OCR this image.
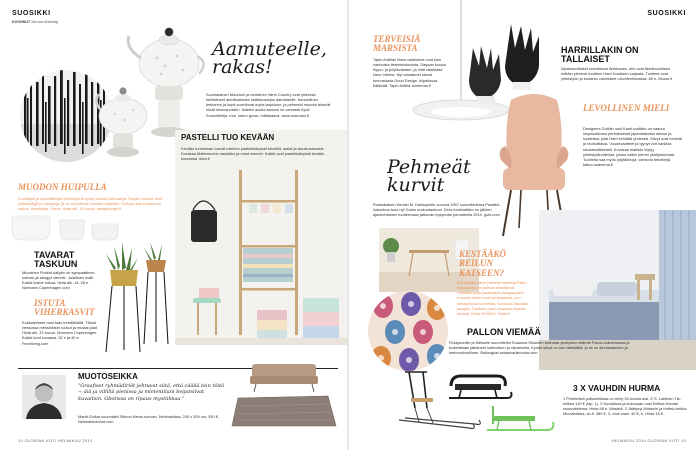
SUOSIKKI
KOONNUT Siri von Knorring
Aamuteelle, rakas!
Suomalainen Muurami ja virolainen Varm Country ovat yhdessä kehittäneet ainutlaatuisen laatikkosarjan aamiaiselle. Kannellinen teekannu ja kupit soveltuvat myös tarjoiluun, ja pehmeät muodot tekevät niistä kestosuosikin. Näiden avulla aamusi on varmasti hyvä. Suunnittelija: mrs. karen gross, mittakaava. www.muurami.fi
PASTELLI TUO KEVÄÄN
Kevään tunnelman tuovat mieleen pastellisävyiset tekstiilit, astiat ja sisustustavarat. Kuvassa Mattermonin naulakko ja muut esineet. Kaikki ovat pastellisävyisiä kevään kunniaksi. ikea.fi
MUODON HUIPULLA
Kuvittajan ja suunnittelijan yhteistyönä syntyi kaunis kulhosarja. Sarjan muodot ovat pelkistettyjä ja hauskoja, ja ne soveltuvat moneen käyttöön. Kulhoja saa kolmea eri kokoa. Valmistaja: Serax, hinta alk. 15 euroa. designtorget.fi
TAVARAT TASKUUN
Muovinen Pocket-säilytin on sympaattinen sohvan ja sängyn vierelle. Jalallinen malli. Kaikki kolme kokoa, hinta alk. 14–28 e. Normann Copenhagen.com
ISTUTA VIHERKASVIT
Kukkatelineet ovat taas trendikkäitä. Tässä versiossa messinkiset ruukut ja mustat jalat. Hinta alk. 32 euroa. Normann Copenhagen. Kaikki koot kuvassa, 32 e ja 40 e. Fermliving.com
MUOTOSEIKKA
"Graafiset ryhmädiriöt johtuvat siitä, että cääliä tein töitä ÷ äiä ja villillä pienissa ja mielentilani beijatsiivat kuvaitsin. Gbotissa on ripaus mystiikkaa."
Martti Guikat suunnitteli Siirtoni Kanto-sohvan. Nelimarkkaa, 200 x 300 cm, 350 €. Nelimarkkaohut.com
14 GLORIAN KOTI HELMIKUU 2014
SUOSIKKI
TERVEISIÄ MARSISTA
Tapio Anttilan Mars-valaisimet ovat kuin vanhoista tieteiselokuvista. Sarjaan kuuluu riippu- ja pöytävalaisin, ja niitä valmistaa Nero Interior. Nyt valaisimet saivat tunnustusta Good Design -kilpailussa. kiiltävää. Tapio Anttila. kristenlar.fi
HARRILLAKIN ON TALLAISET
Alpakanvillaiset sormikkaat Wekkanes -elin ovat tämänvuotisen erittäin pienesti tuotteen Harri Koskisen sarjasta. Tuotteet ovat yhteistyön ja tuotanto valmisteet Liechtenlinnassa. 69 e. Mumu.fi
LEVOLLINEN MIELI
Designers Guildin uusi Kaori-mallisto on saanut inspiraationsa perinteisestä japanilaisesta aikoon ja tuotteista, joita Harri kehittää yhdessä. Sävyt ovat herkkiä ja rauhoittavia. Vuodevaatteet ja tyynyt voit hankkia sisustusliikkeistä. Kuvassa mallisto löytyy yhteistyötuotteista, joissa kaikki pienet yksityiskohdat. Tuotteita saa myös pöytäliinoja, vahtuvia tekstiilejä. tattoo-maisema.fi
Pehmeät kurvit
Ruotsalaisen Kerstin M. Holmqvistin vuonna 1957 suunnittelema Paratiisi-kokoelma tuoo nyt Gubin uustuotantoon. Eero-tuolimallisto on jälleen ajankohtainen tuotteenaan jatkuvan kysynnän perusteella 2014. gubi.com
KESTÄÄKÖ REILUN KATSEEN?
Kuvituksen sävyt painetut kankaat Pallo-kokoelman voi painaa tekstiileinä. Väriltään jopa kahdeksan kangaspaino. Kuosien nimet ovat kertomuksia, kun seiskytluvun tunnelma. Kuvassa Kapusta-kangas. Tuotteet ovat Lempinen Kranko nimisiä. Hinta 30 €/m2. Tabbi.fi
PALLON VIEMÄÄ
Finlaysonille ja Metsolle suunnitellut Susanna Siiroinen tallentaa yksityisen eläimiä Fokus-kokoelmasta ja tuotteistaan jatkaneet kotimaisen ja vilpaimella. Kynän sävyt on tosi värikkäitä, ja se on ainutlaatuinen ja kertomuksellinen. Ballongkat sadankaultmusta.com
3 X VAUHDIN HURMA
1 Perinteistä potkukelkkaa on tehty 30-luvulla asti. E.S. Lahtisen Tik-kelkka 149 € (lap. 1). 2 Kuusikkoa ja kokonaan uusi Kelkka Hamari suunnittelema. Hinta 98 e. Mastelli. 3 Jäätynyt Mobecin ja Keltek-kelkka Muovikelkka, sh.fi. 389 €. 3, ovat vaan. 40 €, e. Hinta 15 €.
HELMIKUU 2014 GLORIAN KOTI 15
